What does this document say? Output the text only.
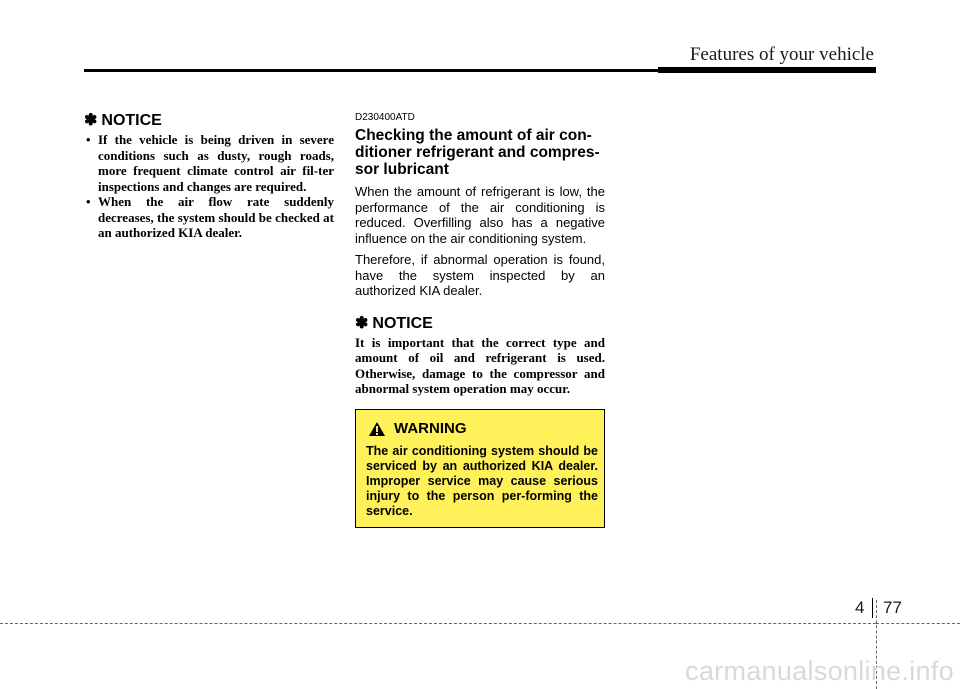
Features of your vehicle
✽ NOTICE
• If the vehicle is being driven in severe conditions such as dusty, rough roads, more frequent climate control air fil-ter inspections and changes are required.
• When the air flow rate suddenly decreases, the system should be checked at an authorized KIA dealer.
D230400ATD
Checking the amount of air con-ditioner refrigerant and compres-sor lubricant

When the amount of refrigerant is low, the performance of the air conditioning is reduced. Overfilling also has a negative influence on the air conditioning system.

Therefore, if abnormal operation is found, have the system inspected by an authorized KIA dealer.

✽ NOTICE

It is important that the correct type and amount of oil and refrigerant is used. Otherwise, damage to the compressor and abnormal system operation may occur.

WARNING
The air conditioning system should be serviced by an authorized KIA dealer. Improper service may cause serious injury to the person per-forming the service.
4 77
carmanualsonline.info
